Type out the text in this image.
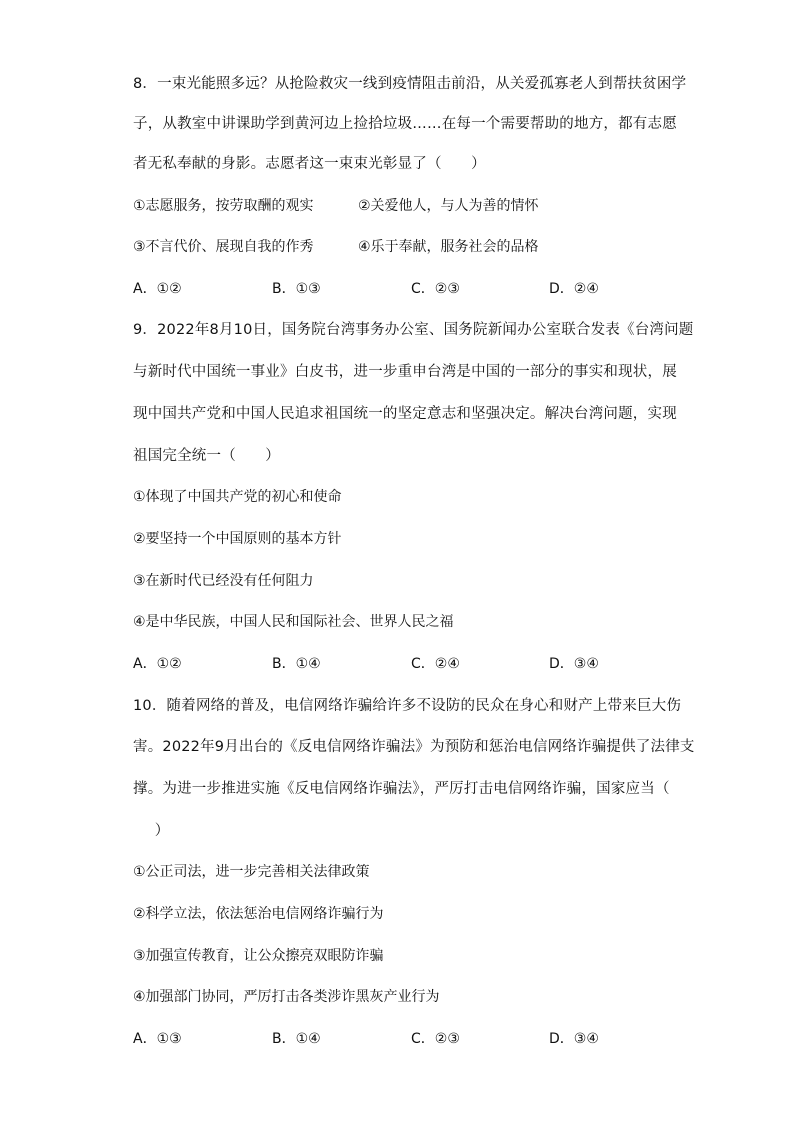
8．一束光能照多远？从抢险救灾一线到疫情阻击前沿，从关爱孤寡老人到帮扶贫困学
子，从教室中讲课助学到黄河边上捡拾垃圾……在每一个需要帮助的地方，都有志愿
者无私奉献的身影。志愿者这一束束光彰显了（　　）
①志愿服务，按劳取酬的观实	②关爱他人，与人为善的情怀
③不言代价、展现自我的作秀	④乐于奉献，服务社会的品格
A．①②	B．①③	C．②③	D．②④
9．2022年8月10日，国务院台湾事务办公室、国务院新闻办公室联合发表《台湾问题
与新时代中国统一事业》白皮书，进一步重申台湾是中国的一部分的事实和现状，展
现中国共产党和中国人民追求祖国统一的坚定意志和坚强决定。解决台湾问题，实现
祖国完全统一（　　）
①体现了中国共产党的初心和使命
②要坚持一个中国原则的基本方针
③在新时代已经没有任何阻力
④是中华民族，中国人民和国际社会、世界人民之福
A．①②	B．①④	C．②④	D．③④
10．随着网络的普及，电信网络诈骗给许多不设防的民众在身心和财产上带来巨大伤
害。2022年9月出台的《反电信网络诈骗法》为预防和惩治电信网络诈骗提供了法律支
撑。为进一步推进实施《反电信网络诈骗法》，严厉打击电信网络诈骗，国家应当（
　）
①公正司法，进一步完善相关法律政策
②科学立法，依法惩治电信网络诈骗行为
③加强宣传教育，让公众擦亮双眼防诈骗
④加强部门协同，严厉打击各类涉诈黑灰产业行为
A．①③	B．①④	C．②③	D．③④
